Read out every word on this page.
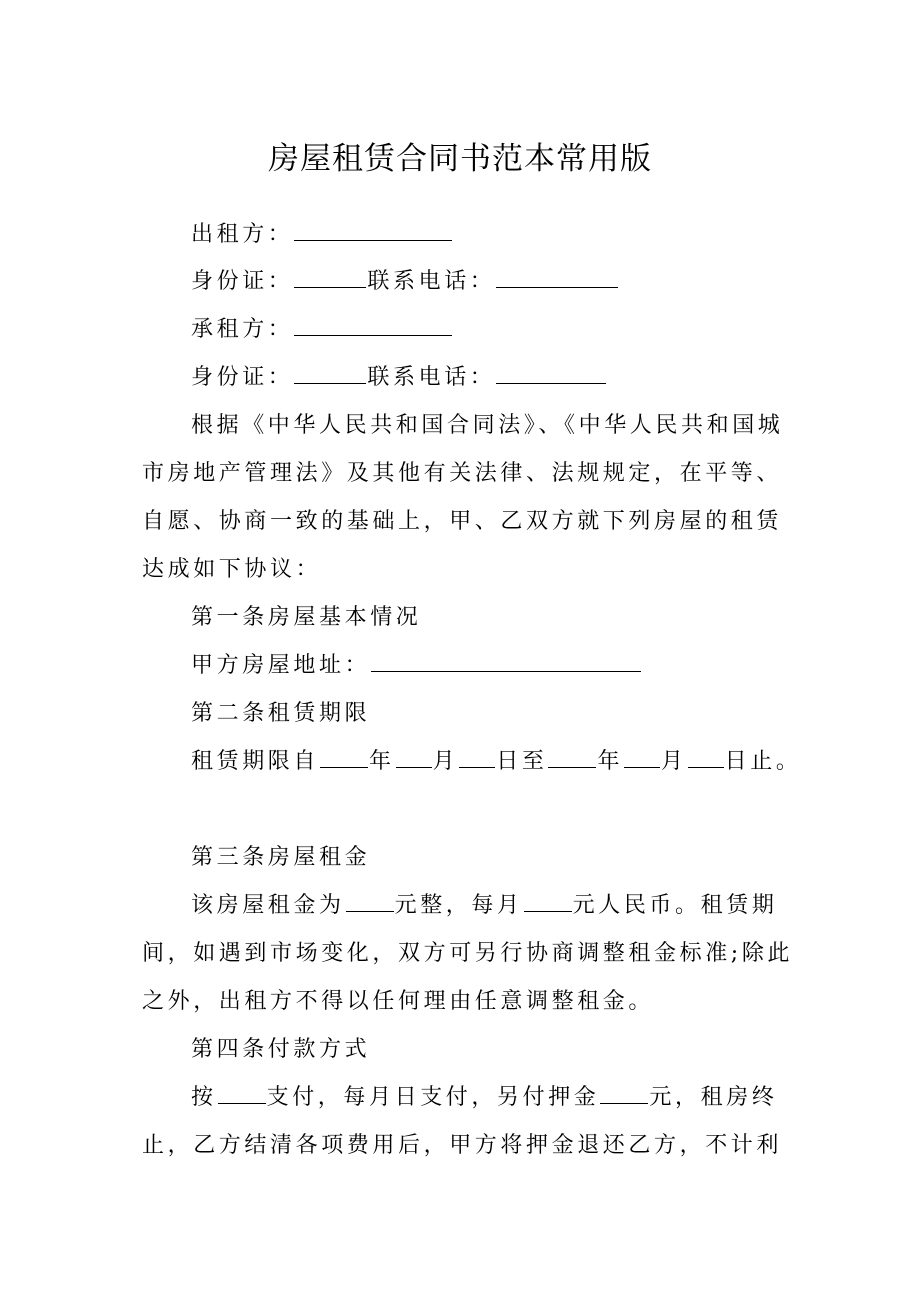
房屋租赁合同书范本常用版
出租方：
身份证：	联系电话：
承租方：
身份证：	联系电话：
根据《中华人民共和国合同法》、《中华人民共和国城
市房地产管理法》及其他有关法律、法规规定，在平等、
自愿、协商一致的基础上，甲、乙双方就下列房屋的租赁
达成如下协议：
第一条房屋基本情况
甲方房屋地址：
第二条租赁期限
租赁期限自 年 月 日至 年 月 日止。
第三条房屋租金
该房屋租金为 元整，每月 元人民币。租赁期
间，如遇到市场变化，双方可另行协商调整租金标准;除此
之外，出租方不得以任何理由任意调整租金。
第四条付款方式
按 支付，每月日支付，另付押金 元，租房终
止，乙方结清各项费用后，甲方将押金退还乙方，不计利
